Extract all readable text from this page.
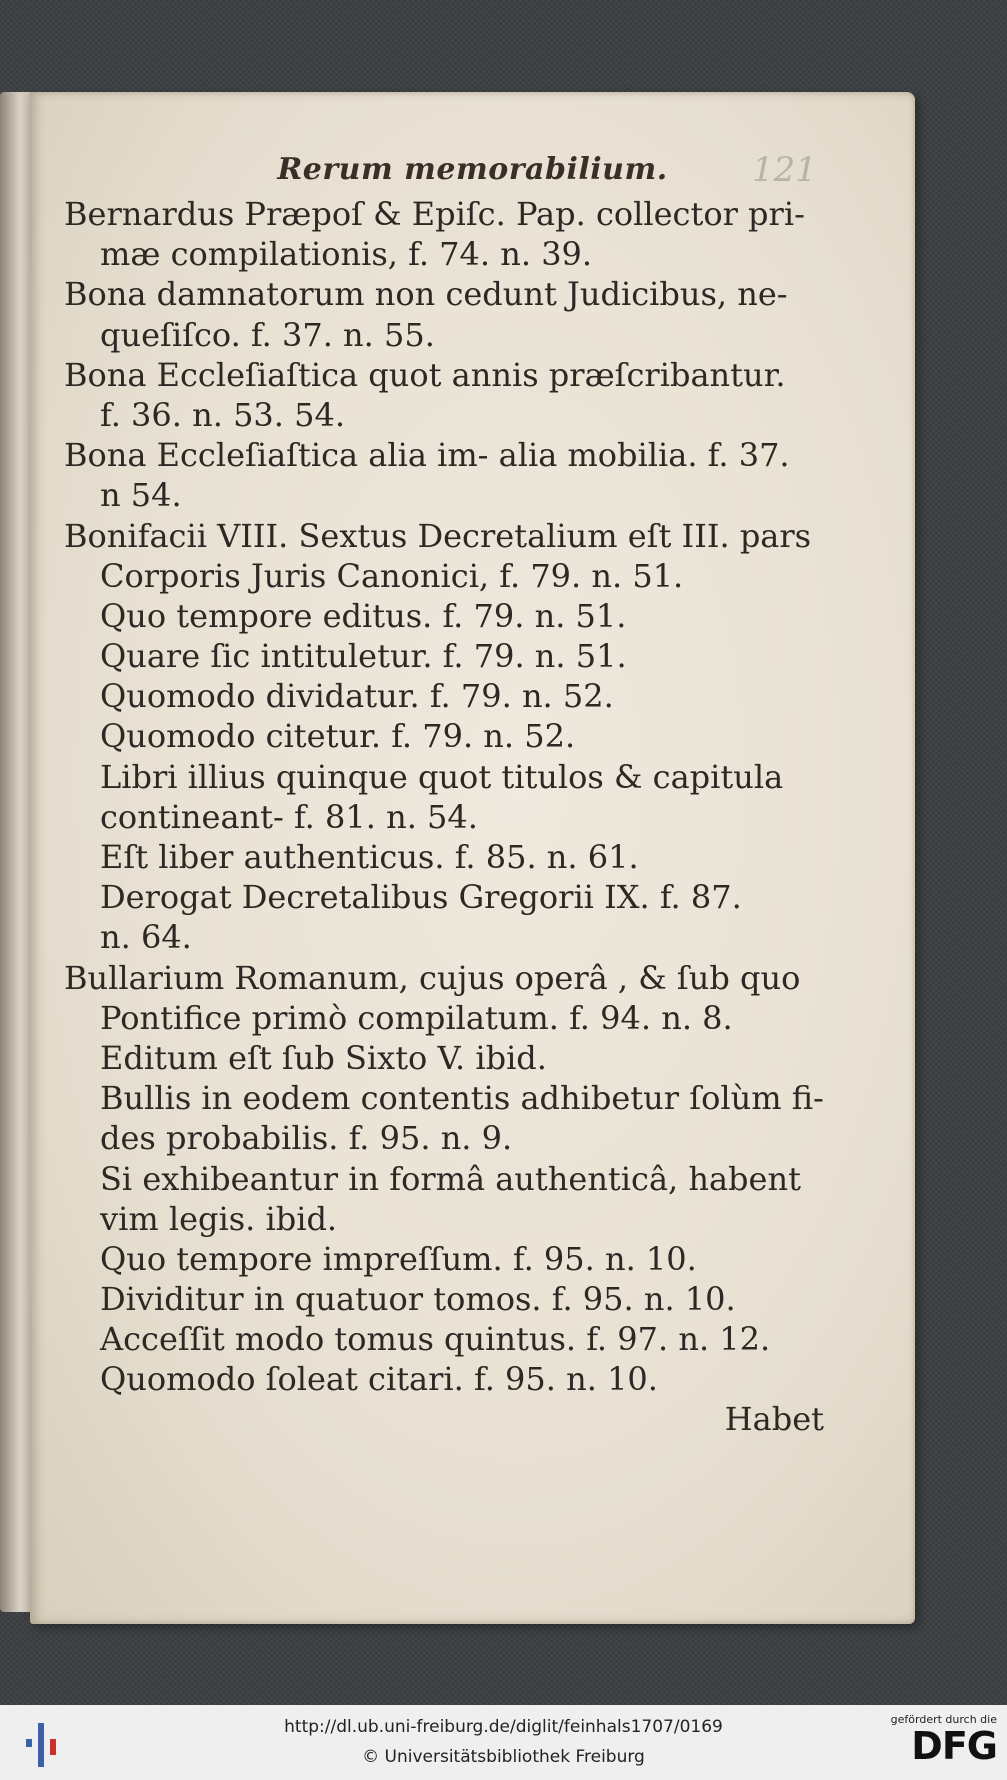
Rerum memorabilium.	121
Bernardus Præpoſ & Epiſc. Pap. collector pri-
mæ compilationis, f. 74. n. 39.
Bona damnatorum non cedunt Judicibus, ne-
queſiſco. f. 37. n. 55.
Bona Eccleſiaſtica quot annis præſcribantur.
f. 36. n. 53. 54.
Bona Eccleſiaſtica alia im- alia mobilia. f. 37.
n 54.
Bonifacii VIII. Sextus Decretalium eſt III. pars
Corporis Juris Canonici, f. 79. n. 51.
Quo tempore editus. f. 79. n. 51.
Quare ſic intituletur. f. 79. n. 51.
Quomodo dividatur. f. 79. n. 52.
Quomodo citetur. f. 79. n. 52.
Libri illius quinque quot titulos & capitula
contineant- f. 81. n. 54.
Eſt liber authenticus. f. 85. n. 61.
Derogat Decretalibus Gregorii IX. f. 87.
n. 64.
Bullarium Romanum, cujus operâ , & ſub quo
Pontifice primò compilatum. f. 94. n. 8.
Editum eſt ſub Sixto V. ibid.
Bullis in eodem contentis adhibetur ſolùm fi-
des probabilis. f. 95. n. 9.
Si exhibeantur in formâ authenticâ, habent
vim legis. ibid.
Quo tempore impreſſum. f. 95. n. 10.
Dividitur in quatuor tomos. f. 95. n. 10.
Acceſſit modo tomus quintus. f. 97. n. 12.
Quomodo ſoleat citari. f. 95. n. 10.
Habet
http://dl.ub.uni-freiburg.de/diglit/feinhals1707/0169
© Universitätsbibliothek Freiburg
gefördert durch die
DFG
